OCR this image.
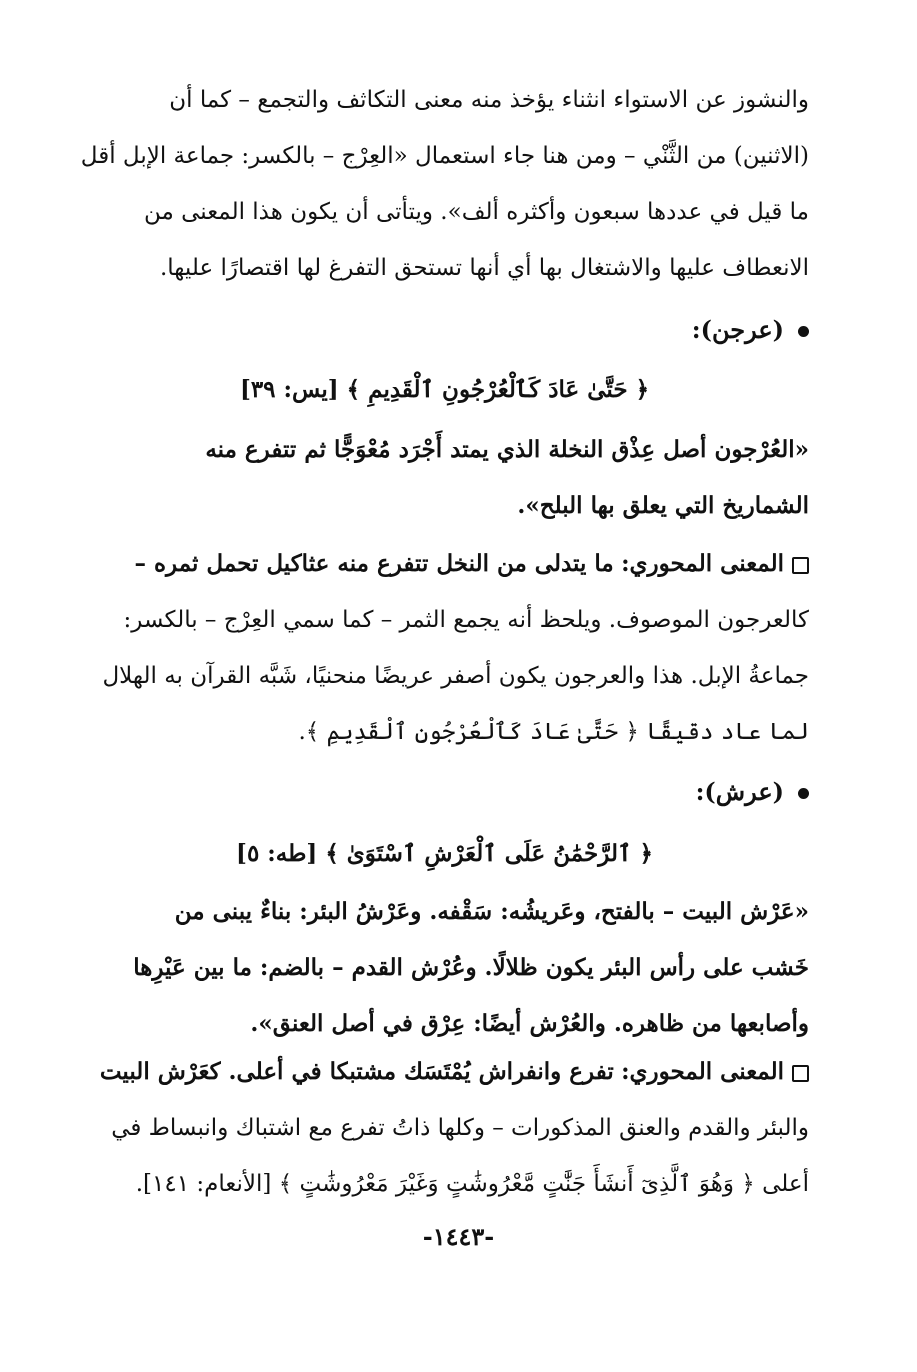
والنشوز عن الاستواء انثناء يؤخذ منه معنى التكاثف والتجمع – كما أن
(الاثنين) من الثَّنْي – ومن هنا جاء استعمال «العِرْج – بالكسر: جماعة الإبل أقل
ما قيل في عددها سبعون وأكثره ألف». ويتأتى أن يكون هذا المعنى من
الانعطاف عليها والاشتغال بها أي أنها تستحق التفرغ لها اقتصارًا عليها.
(عرجن):
﴿ حَتَّىٰ عَادَ كَٱلْعُرْجُونِ ٱلْقَدِيمِ ﴾ [يس: ٣٩]
«العُرْجون أصل عِذْق النخلة الذي يمتد أَجْرَد مُعْوَجًّا ثم تتفرع منه
الشماريخ التي يعلق بها البلح».
المعنى المحوري: ما يتدلى من النخل تتفرع منه عثاكيل تحمل ثمره –
كالعرجون الموصوف. ويلحظ أنه يجمع الثمر – كما سمي العِرْج – بالكسر:
جماعةُ الإبل. هذا والعرجون يكون أصفر عريضًا منحنيًا، شَبَّه القرآن به الهلال
لما عاد دقيقًا ﴿ حَتَّىٰ عَادَ كَٱلْعُرْجُونِ ٱلْقَدِيمِ ﴾.
(عرش):
﴿ ٱلرَّحْمَٰنُ عَلَى ٱلْعَرْشِ ٱسْتَوَىٰ ﴾ [طه: ٥]
«عَرْش البيت – بالفتح، وعَريشُه: سَقْفه. وعَرْشُ البئر: بناءٌ يبنى من
خَشب على رأس البئر يكون ظلالًا. وعُرْش القدم – بالضم: ما بين عَيْرِها
وأصابعها من ظاهره. والعُرْش أيضًا: عِرْق في أصل العنق».
المعنى المحوري: تفرع وانفراش يُمْتَسَك مشتبكا في أعلى. كعَرْش البيت
والبئر والقدم والعنق المذكورات – وكلها ذاتُ تفرع مع اشتباك وانبساط في
أعلى ﴿ وَهُوَ ٱلَّذِىٓ أَنشَأَ جَنَّٰتٍ مَّعْرُوشَٰتٍ وَغَيْرَ مَعْرُوشَٰتٍ ﴾ [الأنعام: ١٤١].
-١٤٤٣-
